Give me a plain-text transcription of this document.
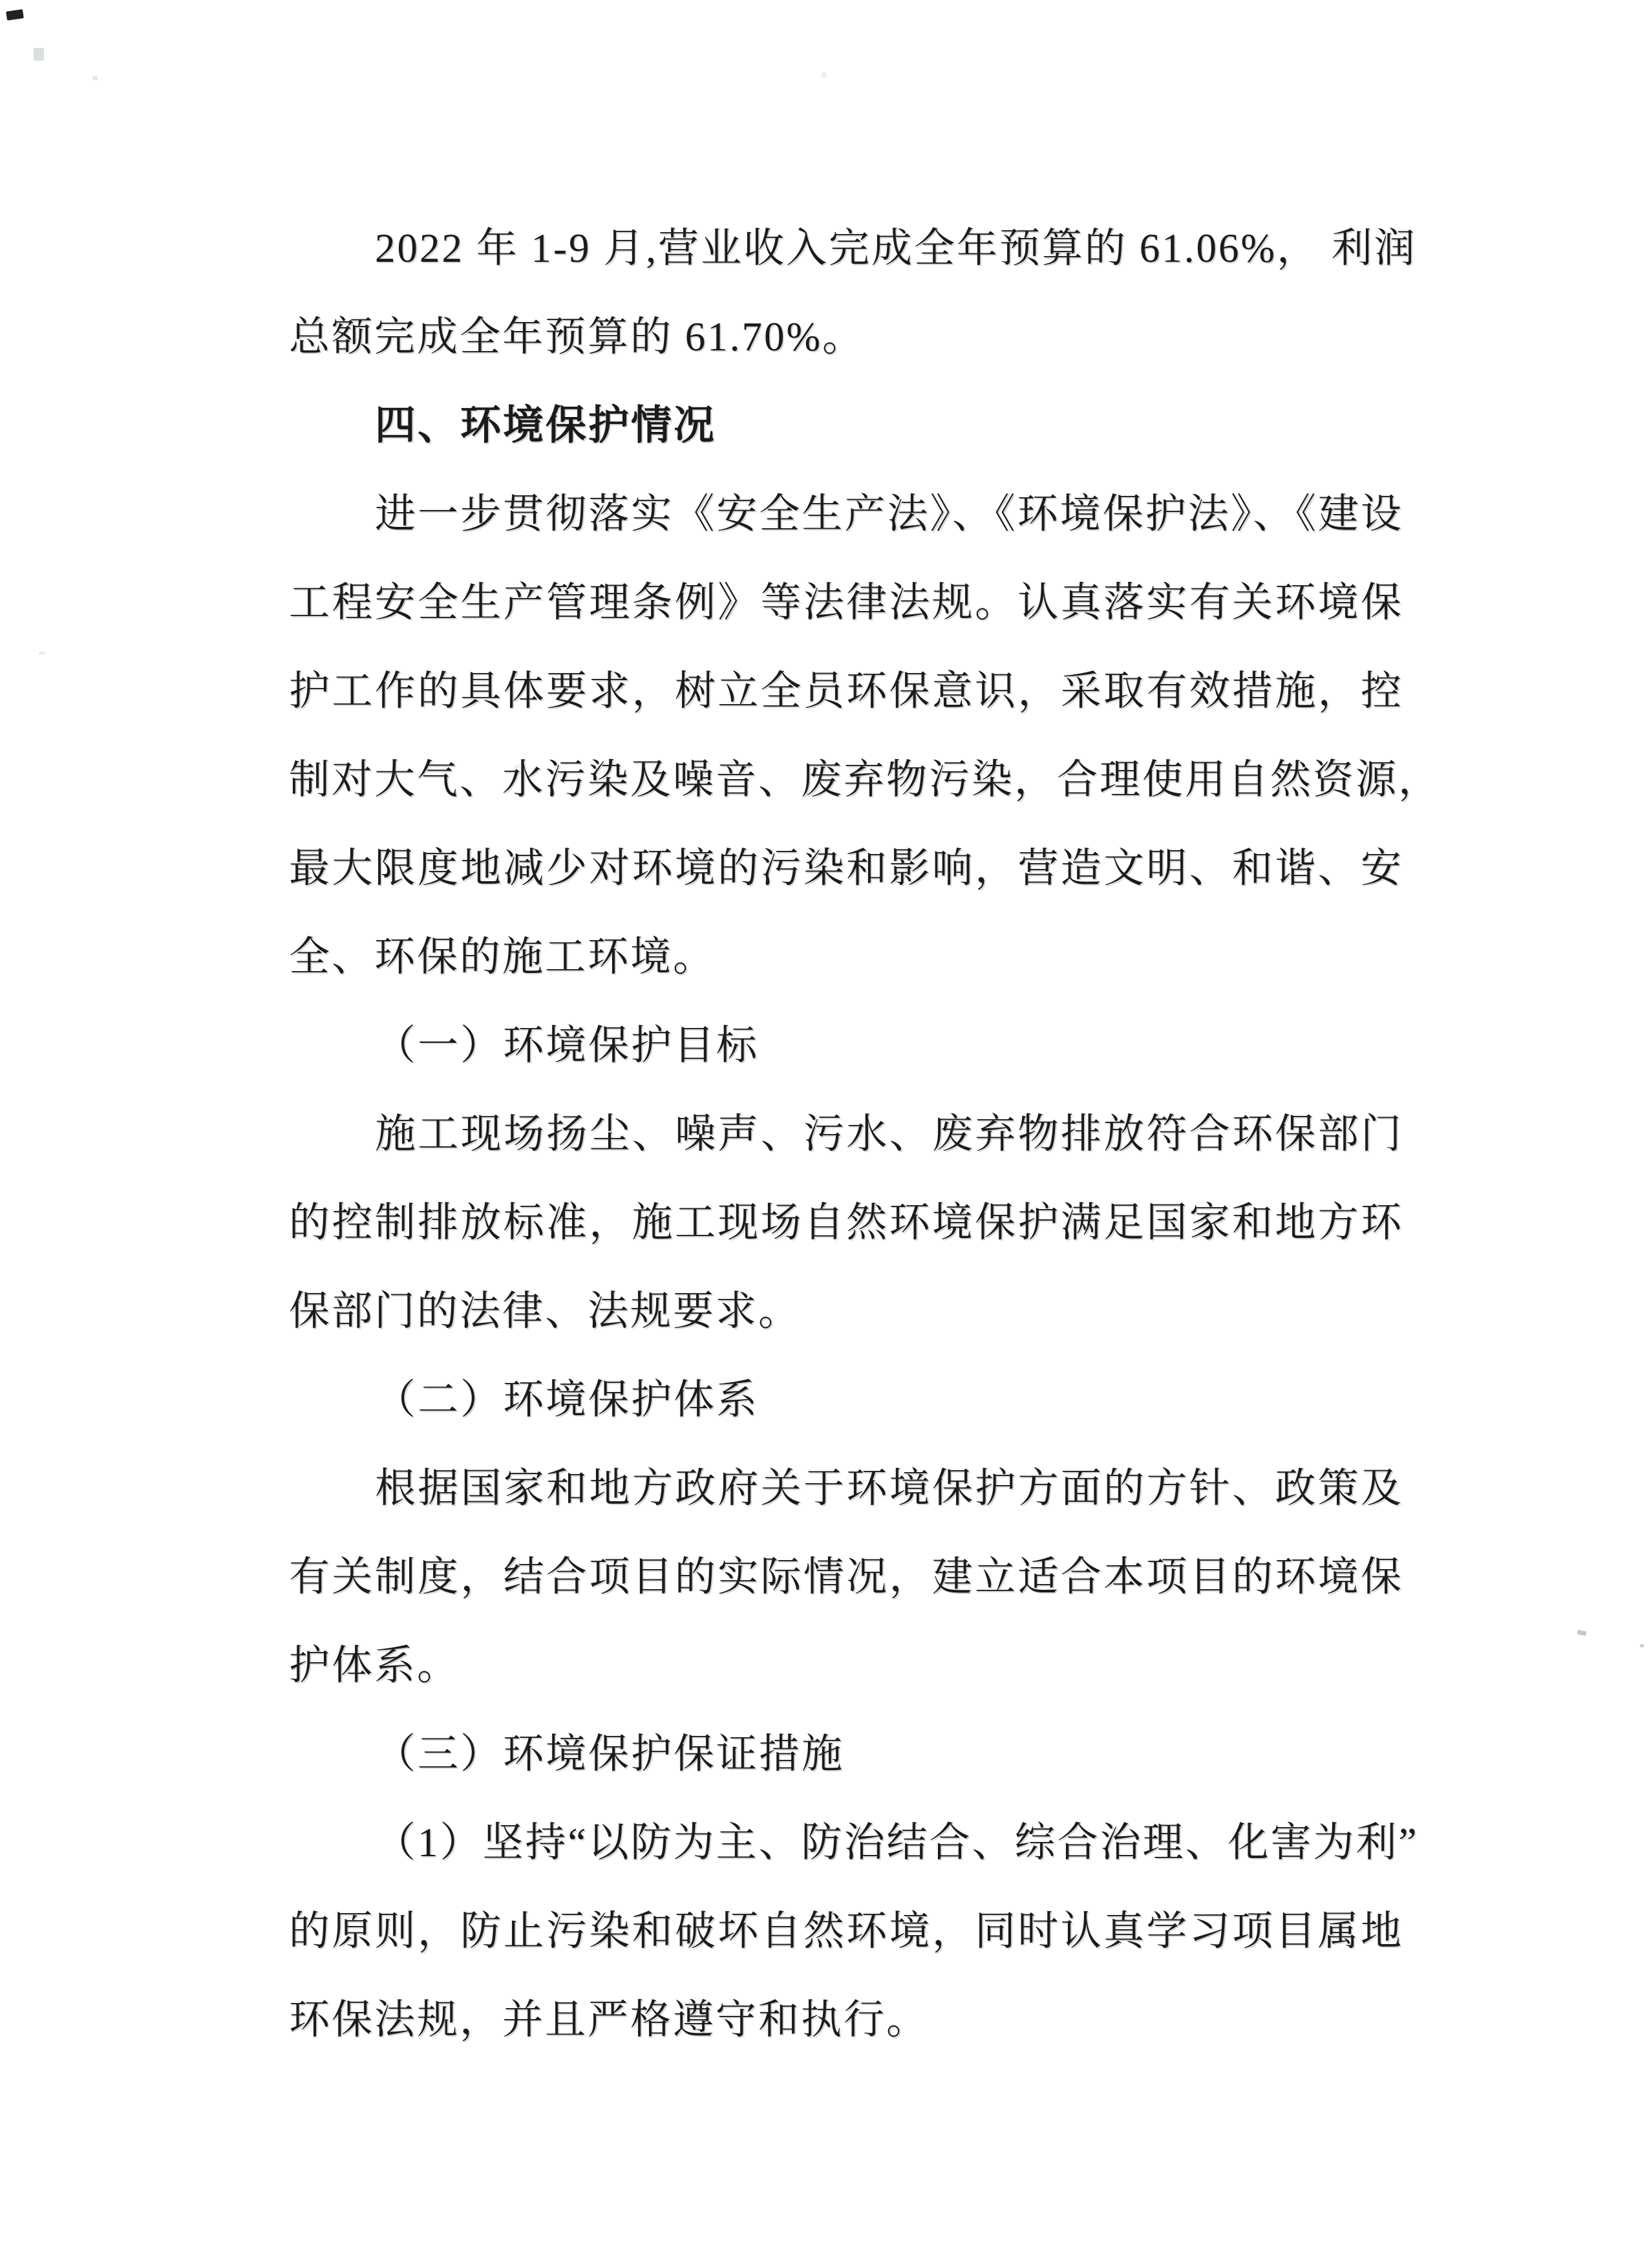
2022 年 1-9 月,营业收入完成全年预算的 61.06%， 利润
总额完成全年预算的 61.70%。
四、环境保护情况
进一步贯彻落实《安全生产法》、《环境保护法》、《建设
工程安全生产管理条例》等法律法规。认真落实有关环境保
护工作的具体要求，树立全员环保意识，采取有效措施，控
制对大气、水污染及噪音、废弃物污染，合理使用自然资源，
最大限度地减少对环境的污染和影响，营造文明、和谐、安
全、环保的施工环境。
（一）环境保护目标
施工现场扬尘、噪声、污水、废弃物排放符合环保部门
的控制排放标准，施工现场自然环境保护满足国家和地方环
保部门的法律、法规要求。
（二）环境保护体系
根据国家和地方政府关于环境保护方面的方针、政策及
有关制度，结合项目的实际情况，建立适合本项目的环境保
护体系。
（三）环境保护保证措施
（1）坚持“以防为主、防治结合、综合治理、化害为利”
的原则，防止污染和破坏自然环境，同时认真学习项目属地
环保法规，并且严格遵守和执行。
